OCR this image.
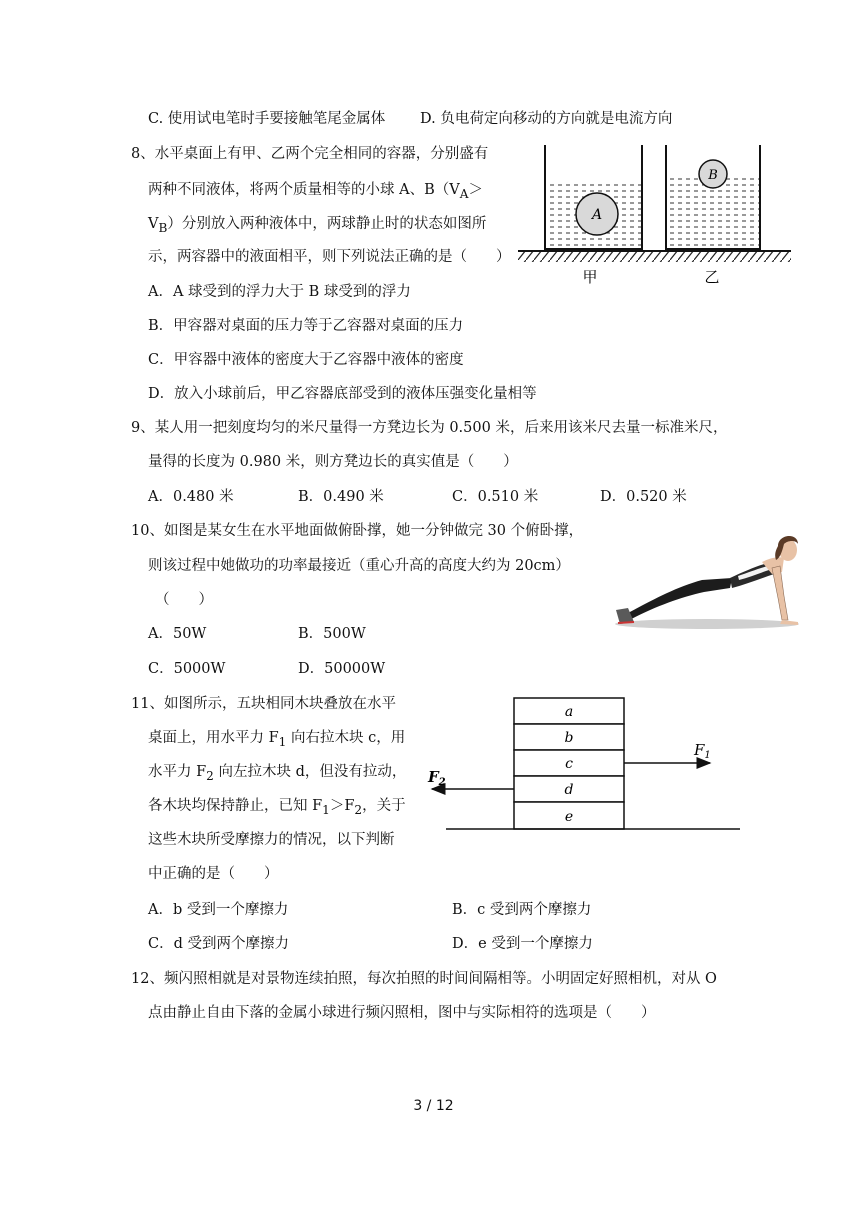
C. 使用试电笔时手要接触笔尾金属体 D. 负电荷定向移动的方向就是电流方向
8、水平桌面上有甲、乙两个完全相同的容器，分别盛有
两种不同液体，将两个质量相等的小球 A、$B(V_A>$
$V_B$）分别放入两种液体中，两球静止时的状态如图所
示，两容器中的液面相平，则下列说法正确的是（　　）
A．A 球受到的浮力大于 B 球受到的浮力
B．甲容器对桌面的压力等于乙容器对桌面的压力
C．甲容器中液体的密度大于乙容器中液体的密度
D．放入小球前后，甲乙容器底部受到的液体压强变化量相等
A
B
甲	乙
9、某人用一把刻度均匀的米尺量得一方凳边长为 0.500 米，后来用该米尺去量一标准米尺，
量得的长度为 0.980 米，则方凳边长的真实值是（　　）
A．0.480 米	B．0.490 米	C．0.510 米	D．0.520 米
10、如图是某女生在水平地面做俯卧撑，她一分钟做完 30 个俯卧撑，
则该过程中她做功的功率最接近（重心升高的高度大约为 20cm）
（　　）
A．50W	B．500W
C．5000W	D．50000W
11、如图所示，五块相同木块叠放在水平
桌面上，用水平力 $F_1$ 向右拉木块 c，用
水平力 $F_2$ 向左拉木块 d，但没有拉动，
各木块均保持静止，已知 $F_1>F_2$，关于
这些木块所受摩擦力的情况，以下判断
中正确的是（　　）
A．b 受到一个摩擦力	B．c 受到两个摩擦力
C．d 受到两个摩擦力	D．e 受到一个摩擦力
a
b
c
d
e
$F_1$
$F_2$
12、频闪照相就是对景物连续拍照，每次拍照的时间间隔相等。小明固定好照相机，对从 O
点由静止自由下落的金属小球进行频闪照相，图中与实际相符的选项是（　　）
3 / 12
